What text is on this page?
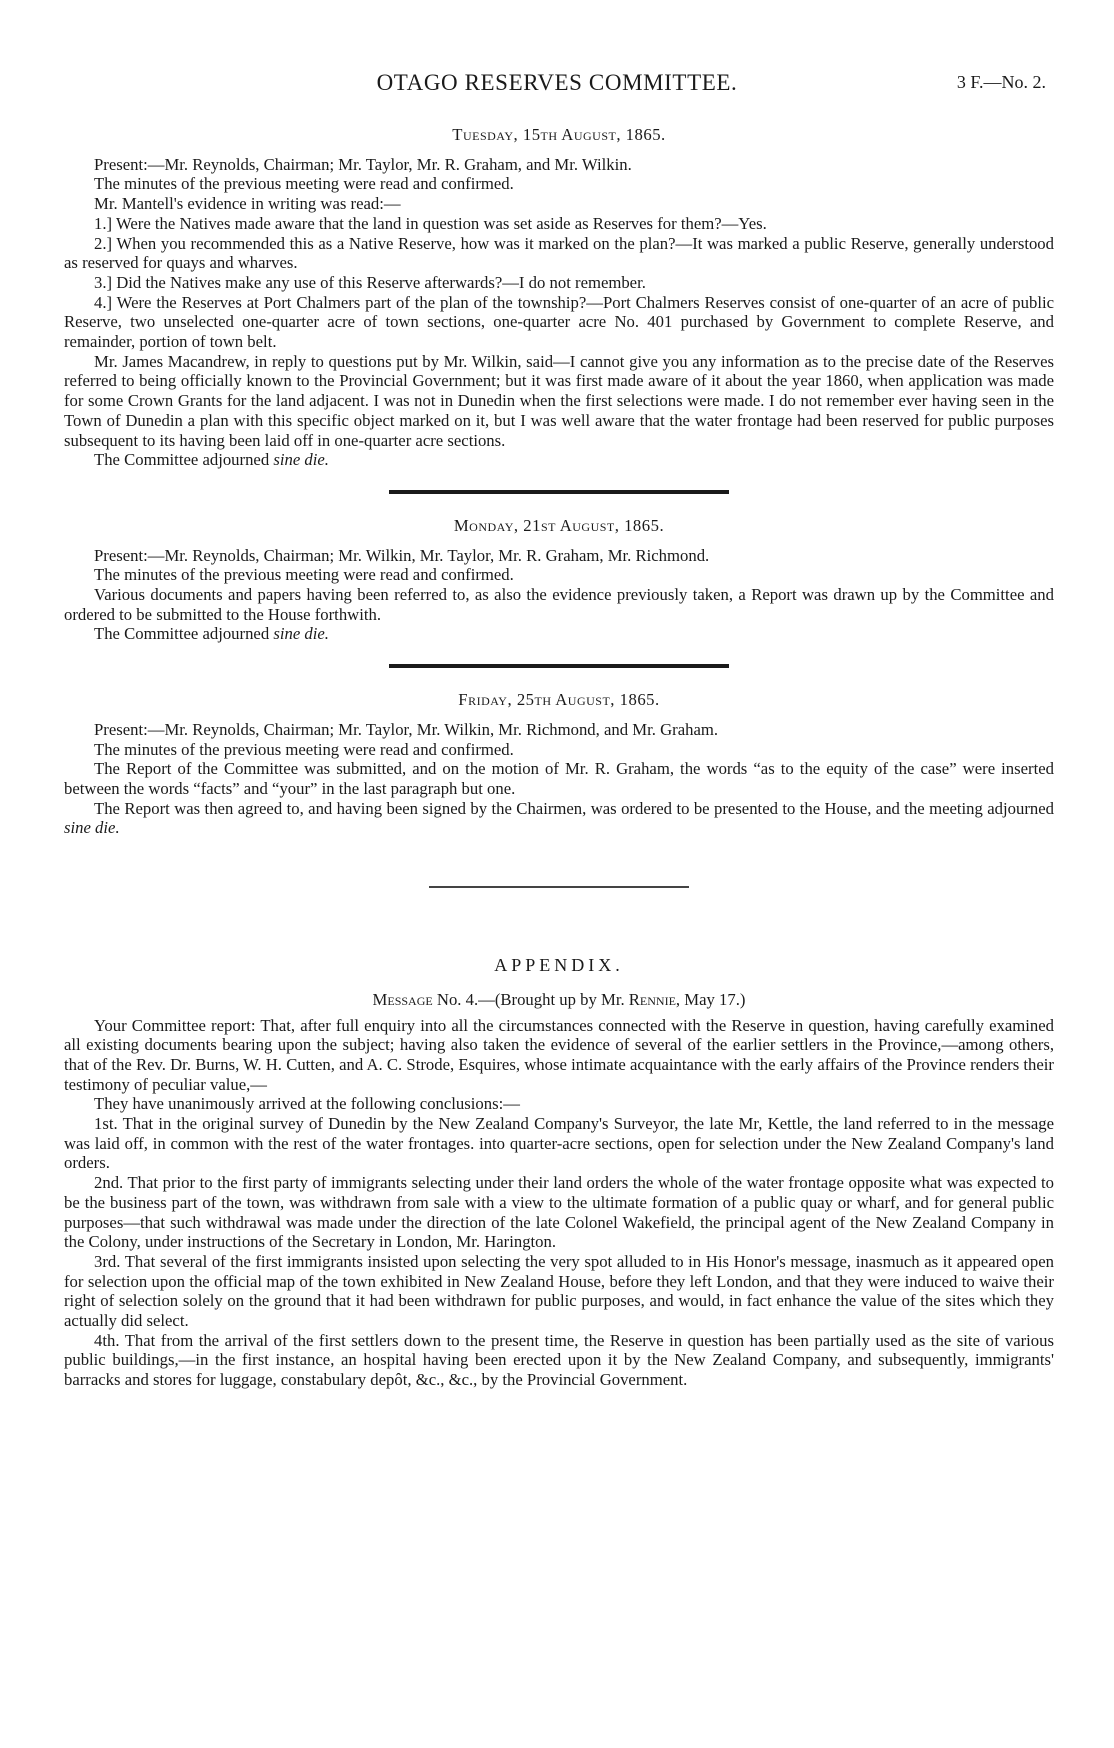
OTAGO RESERVES COMMITTEE.	3 F.—No. 2.
Tuesday, 15th August, 1865.

Present:—Mr. Reynolds, Chairman; Mr. Taylor, Mr. R. Graham, and Mr. Wilkin.

The minutes of the previous meeting were read and confirmed.

Mr. Mantell's evidence in writing was read:—

1.] Were the Natives made aware that the land in question was set aside as Reserves for them?—Yes.

2.] When you recommended this as a Native Reserve, how was it marked on the plan?—It was marked a public Reserve, generally understood as reserved for quays and wharves.

3.] Did the Natives make any use of this Reserve afterwards?—I do not remember.

4.] Were the Reserves at Port Chalmers part of the plan of the township?—Port Chalmers Reserves consist of one-quarter of an acre of public Reserve, two unselected one-quarter acre of town sections, one-quarter acre No. 401 purchased by Government to complete Reserve, and remainder, portion of town belt.

Mr. James Macandrew, in reply to questions put by Mr. Wilkin, said—I cannot give you any information as to the precise date of the Reserves referred to being officially known to the Provincial Government; but it was first made aware of it about the year 1860, when application was made for some Crown Grants for the land adjacent. I was not in Dunedin when the first selections were made. I do not remember ever having seen in the Town of Dunedin a plan with this specific object marked on it, but I was well aware that the water frontage had been reserved for public purposes subsequent to its having been laid off in one-quarter acre sections.

The Committee adjourned sine die.

Monday, 21st August, 1865.

Present:—Mr. Reynolds, Chairman; Mr. Wilkin, Mr. Taylor, Mr. R. Graham, Mr. Richmond.

The minutes of the previous meeting were read and confirmed.

Various documents and papers having been referred to, as also the evidence previously taken, a Report was drawn up by the Committee and ordered to be submitted to the House forthwith.

The Committee adjourned sine die.

Friday, 25th August, 1865.

Present:—Mr. Reynolds, Chairman; Mr. Taylor, Mr. Wilkin, Mr. Richmond, and Mr. Graham.

The minutes of the previous meeting were read and confirmed.

The Report of the Committee was submitted, and on the motion of Mr. R. Graham, the words “as to the equity of the case” were inserted between the words “facts” and “your” in the last paragraph but one.

The Report was then agreed to, and having been signed by the Chairmen, was ordered to be presented to the House, and the meeting adjourned sine die.

APPENDIX.
Message No. 4.—(Brought up by Mr. Rennie, May 17.)

Your Committee report: That, after full enquiry into all the circumstances connected with the Reserve in question, having carefully examined all existing documents bearing upon the subject; having also taken the evidence of several of the earlier settlers in the Province,—among others, that of the Rev. Dr. Burns, W. H. Cutten, and A. C. Strode, Esquires, whose intimate acquaintance with the early affairs of the Province renders their testimony of peculiar value,—

They have unanimously arrived at the following conclusions:—

1st. That in the original survey of Dunedin by the New Zealand Company's Surveyor, the late Mr, Kettle, the land referred to in the message was laid off, in common with the rest of the water frontages. into quarter-acre sections, open for selection under the New Zealand Company's land orders.

2nd. That prior to the first party of immigrants selecting under their land orders the whole of the water frontage opposite what was expected to be the business part of the town, was withdrawn from sale with a view to the ultimate formation of a public quay or wharf, and for general public purposes—that such withdrawal was made under the direction of the late Colonel Wakefield, the principal agent of the New Zealand Company in the Colony, under instructions of the Secretary in London, Mr. Harington.

3rd. That several of the first immigrants insisted upon selecting the very spot alluded to in His Honor's message, inasmuch as it appeared open for selection upon the official map of the town exhibited in New Zealand House, before they left London, and that they were induced to waive their right of selection solely on the ground that it had been withdrawn for public purposes, and would, in fact enhance the value of the sites which they actually did select.

4th. That from the arrival of the first settlers down to the present time, the Reserve in question has been partially used as the site of various public buildings,—in the first instance, an hospital having been erected upon it by the New Zealand Company, and subsequently, immigrants' barracks and stores for luggage, constabulary depôt, &c., &c., by the Provincial Government.
